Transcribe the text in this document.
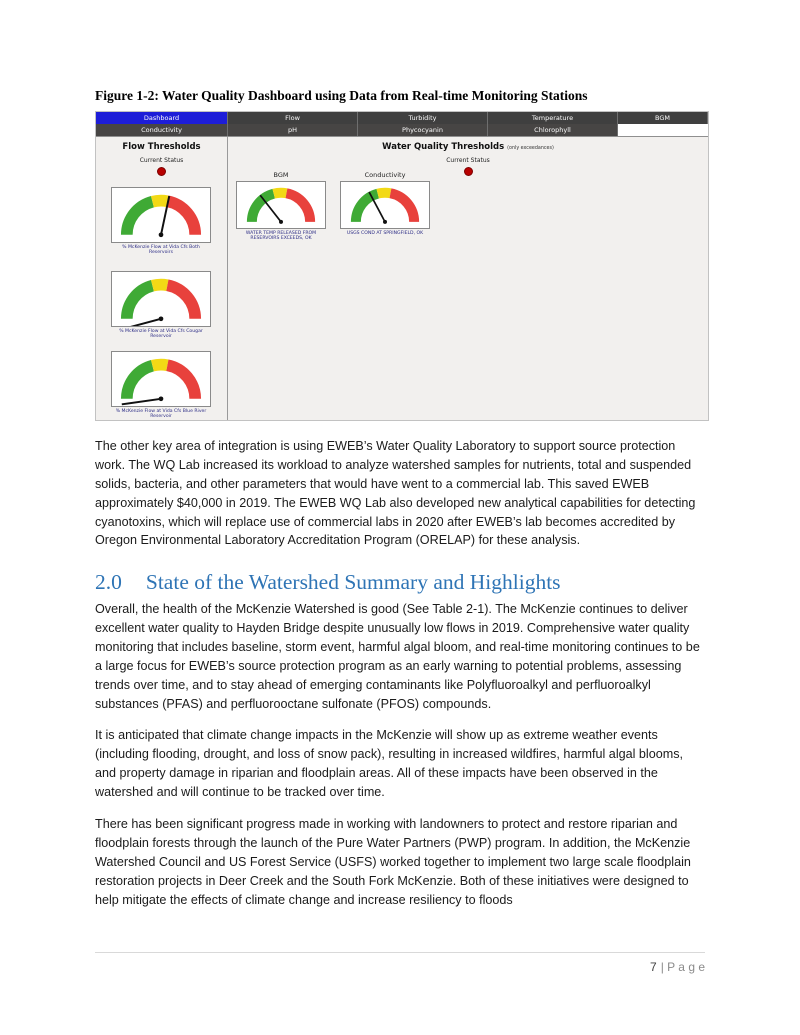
Figure 1-2: Water Quality Dashboard using Data from Real-time Monitoring Stations
Dashboard	Flow	Turbidity	Temperature	BGM
Conductivity	pH	Phycocyanin	Chlorophyll
Flow Thresholds
Current Status
% McKenzie Flow at Vida Cfs Both Reservoirs
% McKenzie Flow at Vida Cfs Cougar Reservoir
% McKenzie Flow at Vida Cfs Blue River Reservoir
Water Quality Thresholds (only exceedances)
Current Status
BGM
WATER TEMP RELEASED FROM RESERVOIRS EXCEEDS, OK
Conductivity
USGS COND AT SPRINGFIELD, OK

The other key area of integration is using EWEB’s Water Quality Laboratory to support source protection work. The WQ Lab increased its workload to analyze watershed samples for nutrients, total and suspended solids, bacteria, and other parameters that would have went to a commercial lab. This saved EWEB approximately $40,000 in 2019. The EWEB WQ Lab also developed new analytical capabilities for detecting cyanotoxins, which will replace use of commercial labs in 2020 after EWEB’s lab becomes accredited by Oregon Environmental Laboratory Accreditation Program (ORELAP) for these analysis.

2.0 State of the Watershed Summary and Highlights

Overall, the health of the McKenzie Watershed is good (See Table 2-1). The McKenzie continues to deliver excellent water quality to Hayden Bridge despite unusually low flows in 2019. Comprehensive water quality monitoring that includes baseline, storm event, harmful algal bloom, and real-time monitoring continues to be a large focus for EWEB’s source protection program as an early warning to potential problems, assessing trends over time, and to stay ahead of emerging contaminants like Polyfluoroalkyl and perfluoroalkyl substances (PFAS) and perfluorooctane sulfonate (PFOS) compounds.

It is anticipated that climate change impacts in the McKenzie will show up as extreme weather events (including flooding, drought, and loss of snow pack), resulting in increased wildfires, harmful algal blooms, and property damage in riparian and floodplain areas. All of these impacts have been observed in the watershed and will continue to be tracked over time.

There has been significant progress made in working with landowners to protect and restore riparian and floodplain forests through the launch of the Pure Water Partners (PWP) program. In addition, the McKenzie Watershed Council and US Forest Service (USFS) worked together to implement two large scale floodplain restoration projects in Deer Creek and the South Fork McKenzie. Both of these initiatives were designed to help mitigate the effects of climate change and increase resiliency to floods

7 | P a g e
